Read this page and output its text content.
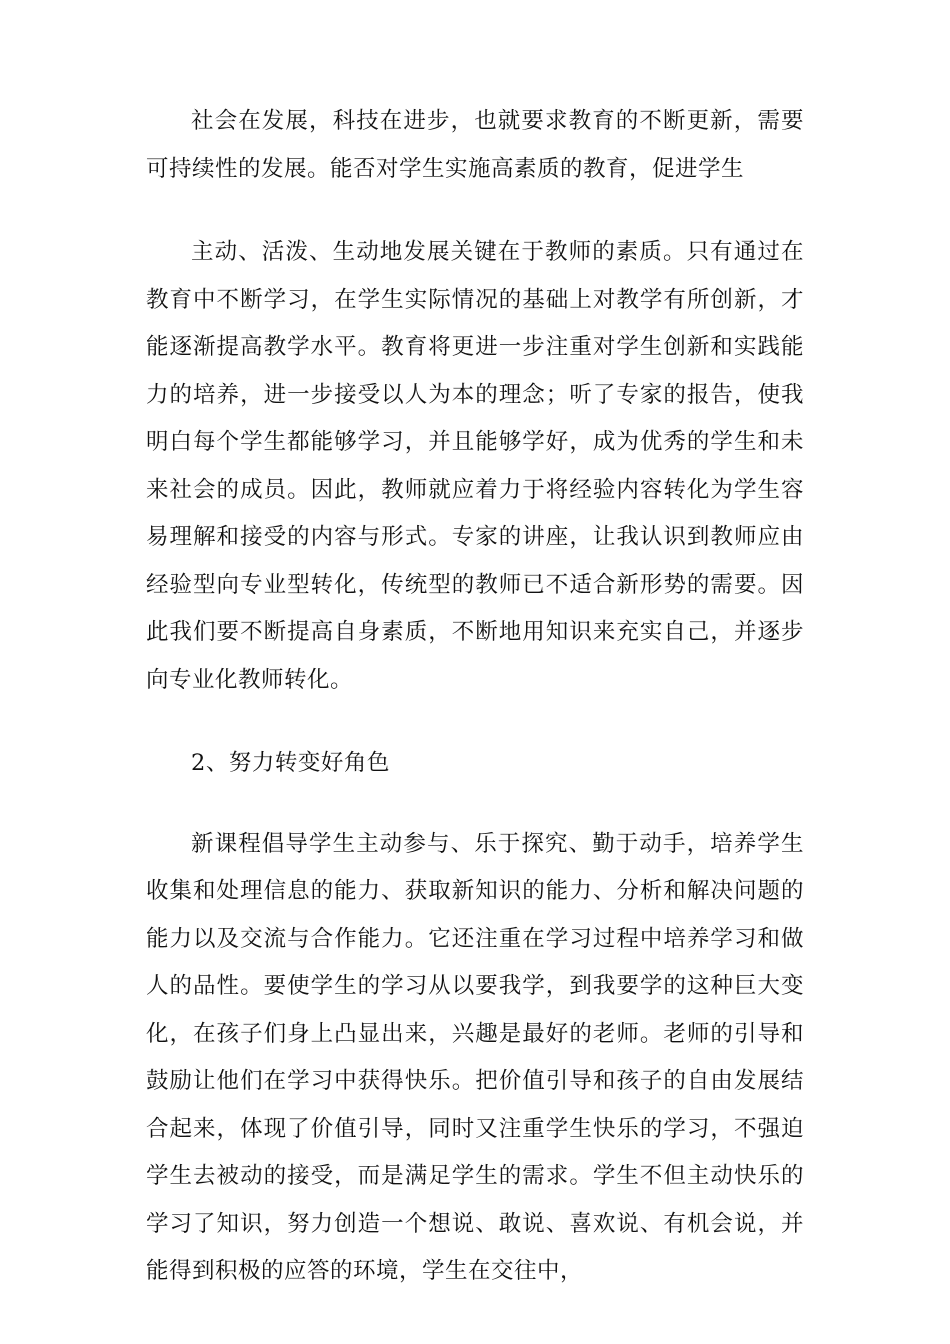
社会在发展，科技在进步，也就要求教育的不断更新，需要可持续性的发展。能否对学生实施高素质的教育，促进学生

主动、活泼、生动地发展关键在于教师的素质。只有通过在教育中不断学习，在学生实际情况的基础上对教学有所创新，才能逐渐提高教学水平。教育将更进一步注重对学生创新和实践能力的培养，进一步接受以人为本的理念；听了专家的报告，使我明白每个学生都能够学习，并且能够学好，成为优秀的学生和未来社会的成员。因此，教师就应着力于将经验内容转化为学生容易理解和接受的内容与形式。专家的讲座，让我认识到教师应由经验型向专业型转化，传统型的教师已不适合新形势的需要。因此我们要不断提高自身素质，不断地用知识来充实自己，并逐步向专业化教师转化。

2、努力转变好角色

新课程倡导学生主动参与、乐于探究、勤于动手，培养学生收集和处理信息的能力、获取新知识的能力、分析和解决问题的能力以及交流与合作能力。它还注重在学习过程中培养学习和做人的品性。要使学生的学习从以要我学，到我要学的这种巨大变化，在孩子们身上凸显出来，兴趣是最好的老师。老师的引导和鼓励让他们在学习中获得快乐。把价值引导和孩子的自由发展结合起来，体现了价值引导，同时又注重学生快乐的学习，不强迫学生去被动的接受，而是满足学生的需求。学生不但主动快乐的学习了知识，努力创造一个想说、敢说、喜欢说、有机会说，并能得到积极的应答的环境，学生在交往中，
